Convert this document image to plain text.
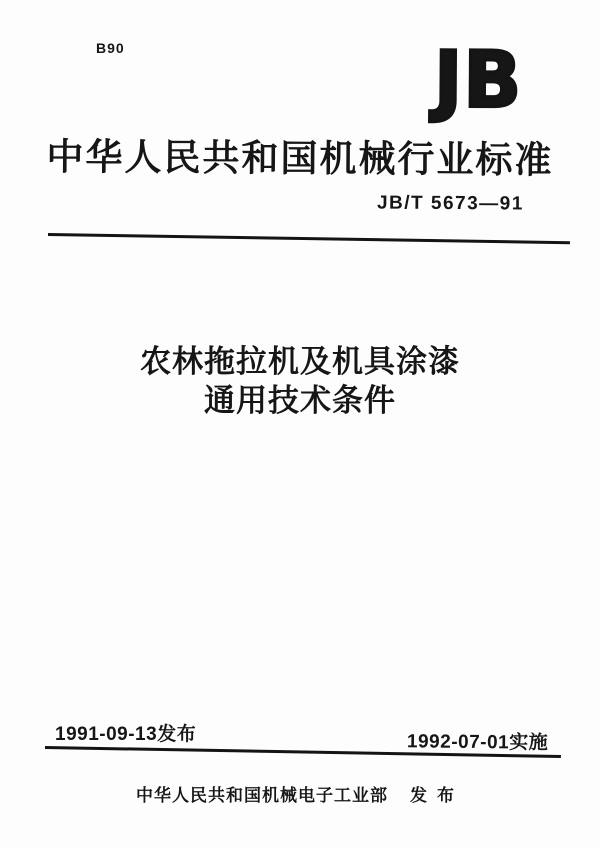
B90	JB
中华人民共和国机械行业标准
JB/T 5673—91
农林拖拉机及机具涂漆
通用技术条件
1991-09-13发布	1992-07-01实施
中华人民共和国机械电子工业部 发布
